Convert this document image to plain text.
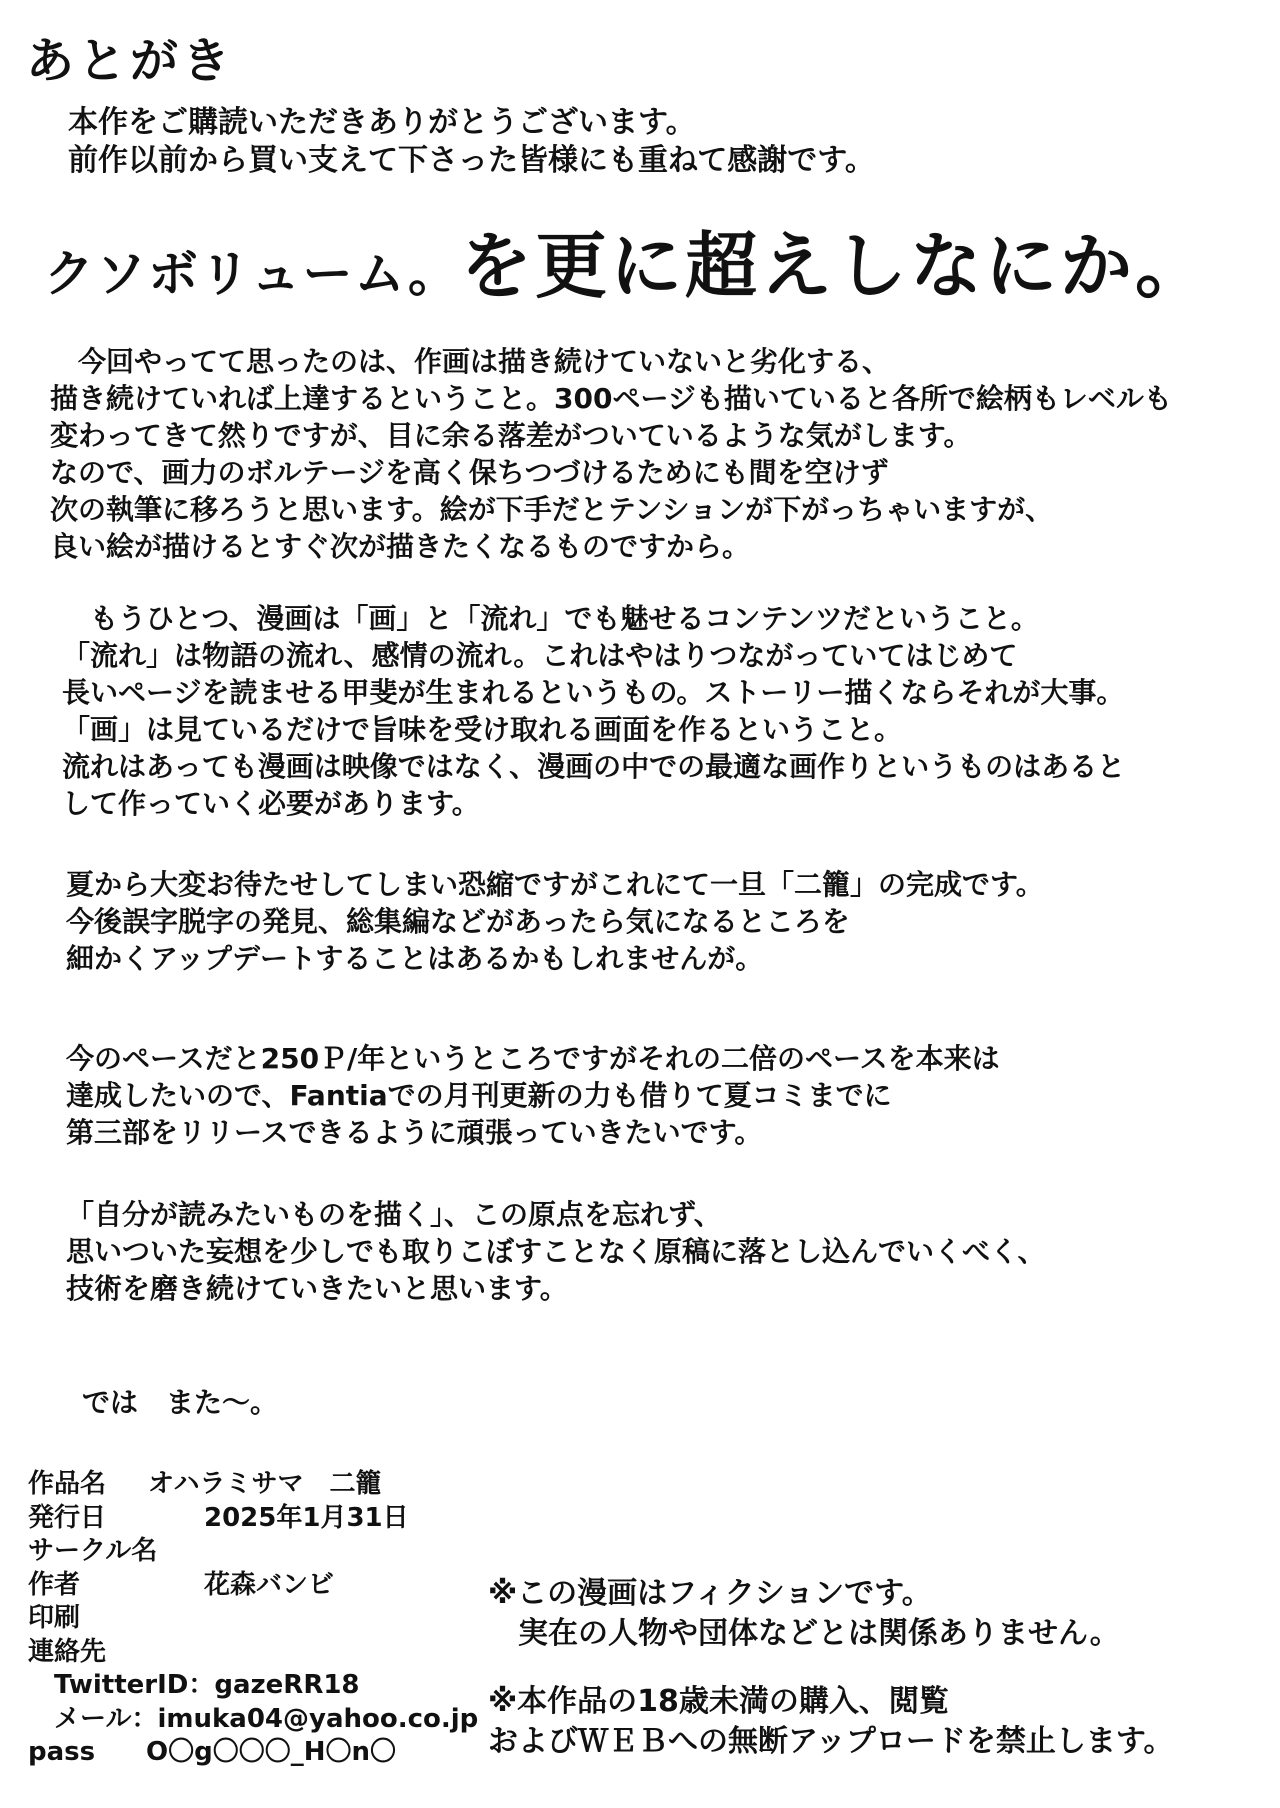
あとがき
本作をご購読いただきありがとうございます。
前作以前から買い支えて下さった皆様にも重ねて感謝です。
クソボリューム。を更に超えしなにか。
　今回やってて思ったのは、作画は描き続けていないと劣化する、
描き続けていれば上達するということ。300ページも描いていると各所で絵柄もレベルも
変わってきて然りですが、目に余る落差がついているような気がします。
なので、画力のボルテージを高く保ちつづけるためにも間を空けず
次の執筆に移ろうと思います。絵が下手だとテンションが下がっちゃいますが、
良い絵が描けるとすぐ次が描きたくなるものですから。
　もうひとつ、漫画は「画」と「流れ」でも魅せるコンテンツだということ。
「流れ」は物語の流れ、感情の流れ。これはやはりつながっていてはじめて
長いページを読ませる甲斐が生まれるというもの。ストーリー描くならそれが大事。
「画」は見ているだけで旨味を受け取れる画面を作るということ。
流れはあっても漫画は映像ではなく、漫画の中での最適な画作りというものはあると
して作っていく必要があります。
夏から大変お待たせしてしまい恐縮ですがこれにて一旦「二籠」の完成です。
今後誤字脱字の発見、総集編などがあったら気になるところを
細かくアップデートすることはあるかもしれませんが。
今のペースだと250Ｐ/年というところですがそれの二倍のペースを本来は
達成したいので、Fantiaでの月刊更新の力も借りて夏コミまでに
第三部をリリースできるように頑張っていきたいです。
「自分が読みたいものを描く」、この原点を忘れず、
思いついた妄想を少しでも取りこぼすことなく原稿に落とし込んでいくべく、
技術を磨き続けていきたいと思います。
では　また〜。
作品名 オハラミサマ　二籠
発行日	2025年1月31日
サークル名
作者	花森バンビ
印刷
連絡先
　TwitterID：gazeRR18
　メール：imuka04@yahoo.co.jp
pass O〇g〇〇〇_H〇n〇
※この漫画はフィクションです。
　実在の人物や団体などとは関係ありません。
※本作品の18歳未満の購入、閲覧
およびＷＥＢへの無断アップロードを禁止します。
